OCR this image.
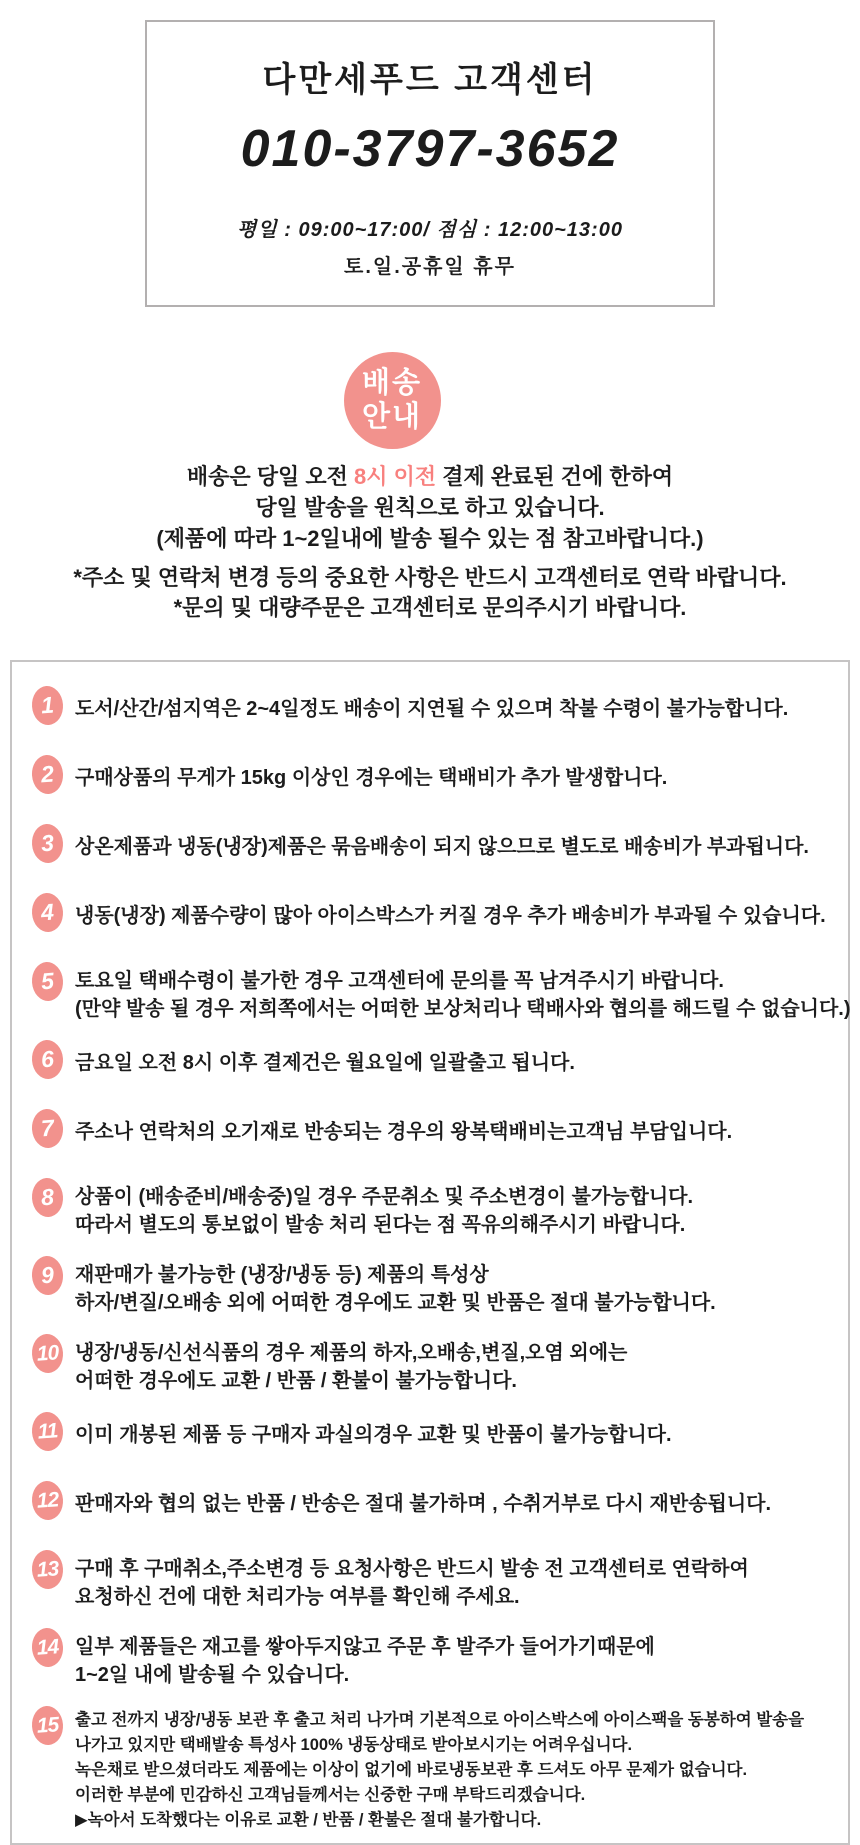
다만세푸드 고객센터
010-3797-3652
평일 : 09:00~17:00/ 점심 : 12:00~13:00
토.일.공휴일 휴무
배송
안내
배송은 당일 오전 8시 이전 결제 완료된 건에 한하여
당일 발송을 원칙으로 하고 있습니다.
(제품에 따라 1~2일내에 발송 될수 있는 점 참고바랍니다.)
*주소 및 연락처 변경 등의 중요한 사항은 반드시 고객센터로 연락 바랍니다.
*문의 및 대량주문은 고객센터로 문의주시기 바랍니다.
1	도서/산간/섬지역은 2~4일정도 배송이 지연될 수 있으며 착불 수령이 불가능합니다.
2	구매상품의 무게가 15kg 이상인 경우에는 택배비가 추가 발생합니다.
3	상온제품과 냉동(냉장)제품은 묶음배송이 되지 않으므로 별도로 배송비가 부과됩니다.
4	냉동(냉장) 제품수량이 많아 아이스박스가 커질 경우 추가 배송비가 부과될 수 있습니다.
5	토요일 택배수령이 불가한 경우 고객센터에 문의를 꼭 남겨주시기 바랍니다.
(만약 발송 될 경우 저희쪽에서는 어떠한 보상처리나 택배사와 협의를 해드릴 수 없습니다.)
6	금요일 오전 8시 이후 결제건은 월요일에 일괄출고 됩니다.
7	주소나 연락처의 오기재로 반송되는 경우의 왕복택배비는고객님 부담입니다.
8	상품이 (배송준비/배송중)일 경우 주문취소 및 주소변경이 불가능합니다.
따라서 별도의 통보없이 발송 처리 된다는 점 꼭유의해주시기 바랍니다.
9	재판매가 불가능한 (냉장/냉동 등) 제품의 특성상
하자/변질/오배송 외에 어떠한 경우에도 교환 및 반품은 절대 불가능합니다.
10 냉장/냉동/신선식품의 경우 제품의 하자,오배송,변질,오염 외에는
어떠한 경우에도 교환 / 반품 / 환불이 불가능합니다.
11 이미 개봉된 제품 등 구매자 과실의경우 교환 및 반품이 불가능합니다.
12 판매자와 협의 없는 반품 / 반송은 절대 불가하며 , 수취거부로 다시 재반송됩니다.
13 구매 후 구매취소,주소변경 등 요청사항은 반드시 발송 전 고객센터로 연락하여
요청하신 건에 대한 처리가능 여부를 확인해 주세요.
14 일부 제품들은 재고를 쌓아두지않고 주문 후 발주가 들어가기때문에
1~2일 내에 발송될 수 있습니다.
15 출고 전까지 냉장/냉동 보관 후 출고 처리 나가며 기본적으로 아이스박스에 아이스팩을 동봉하여 발송을
나가고 있지만 택배발송 특성사 100% 냉동상태로 받아보시기는 어려우십니다.
녹은채로 받으셨더라도 제품에는 이상이 없기에 바로냉동보관 후 드셔도 아무 문제가 없습니다.
이러한 부분에 민감하신 고객님들께서는 신중한 구매 부탁드리겠습니다.
▶녹아서 도착했다는 이유로 교환 / 반품 / 환불은 절대 불가합니다.
